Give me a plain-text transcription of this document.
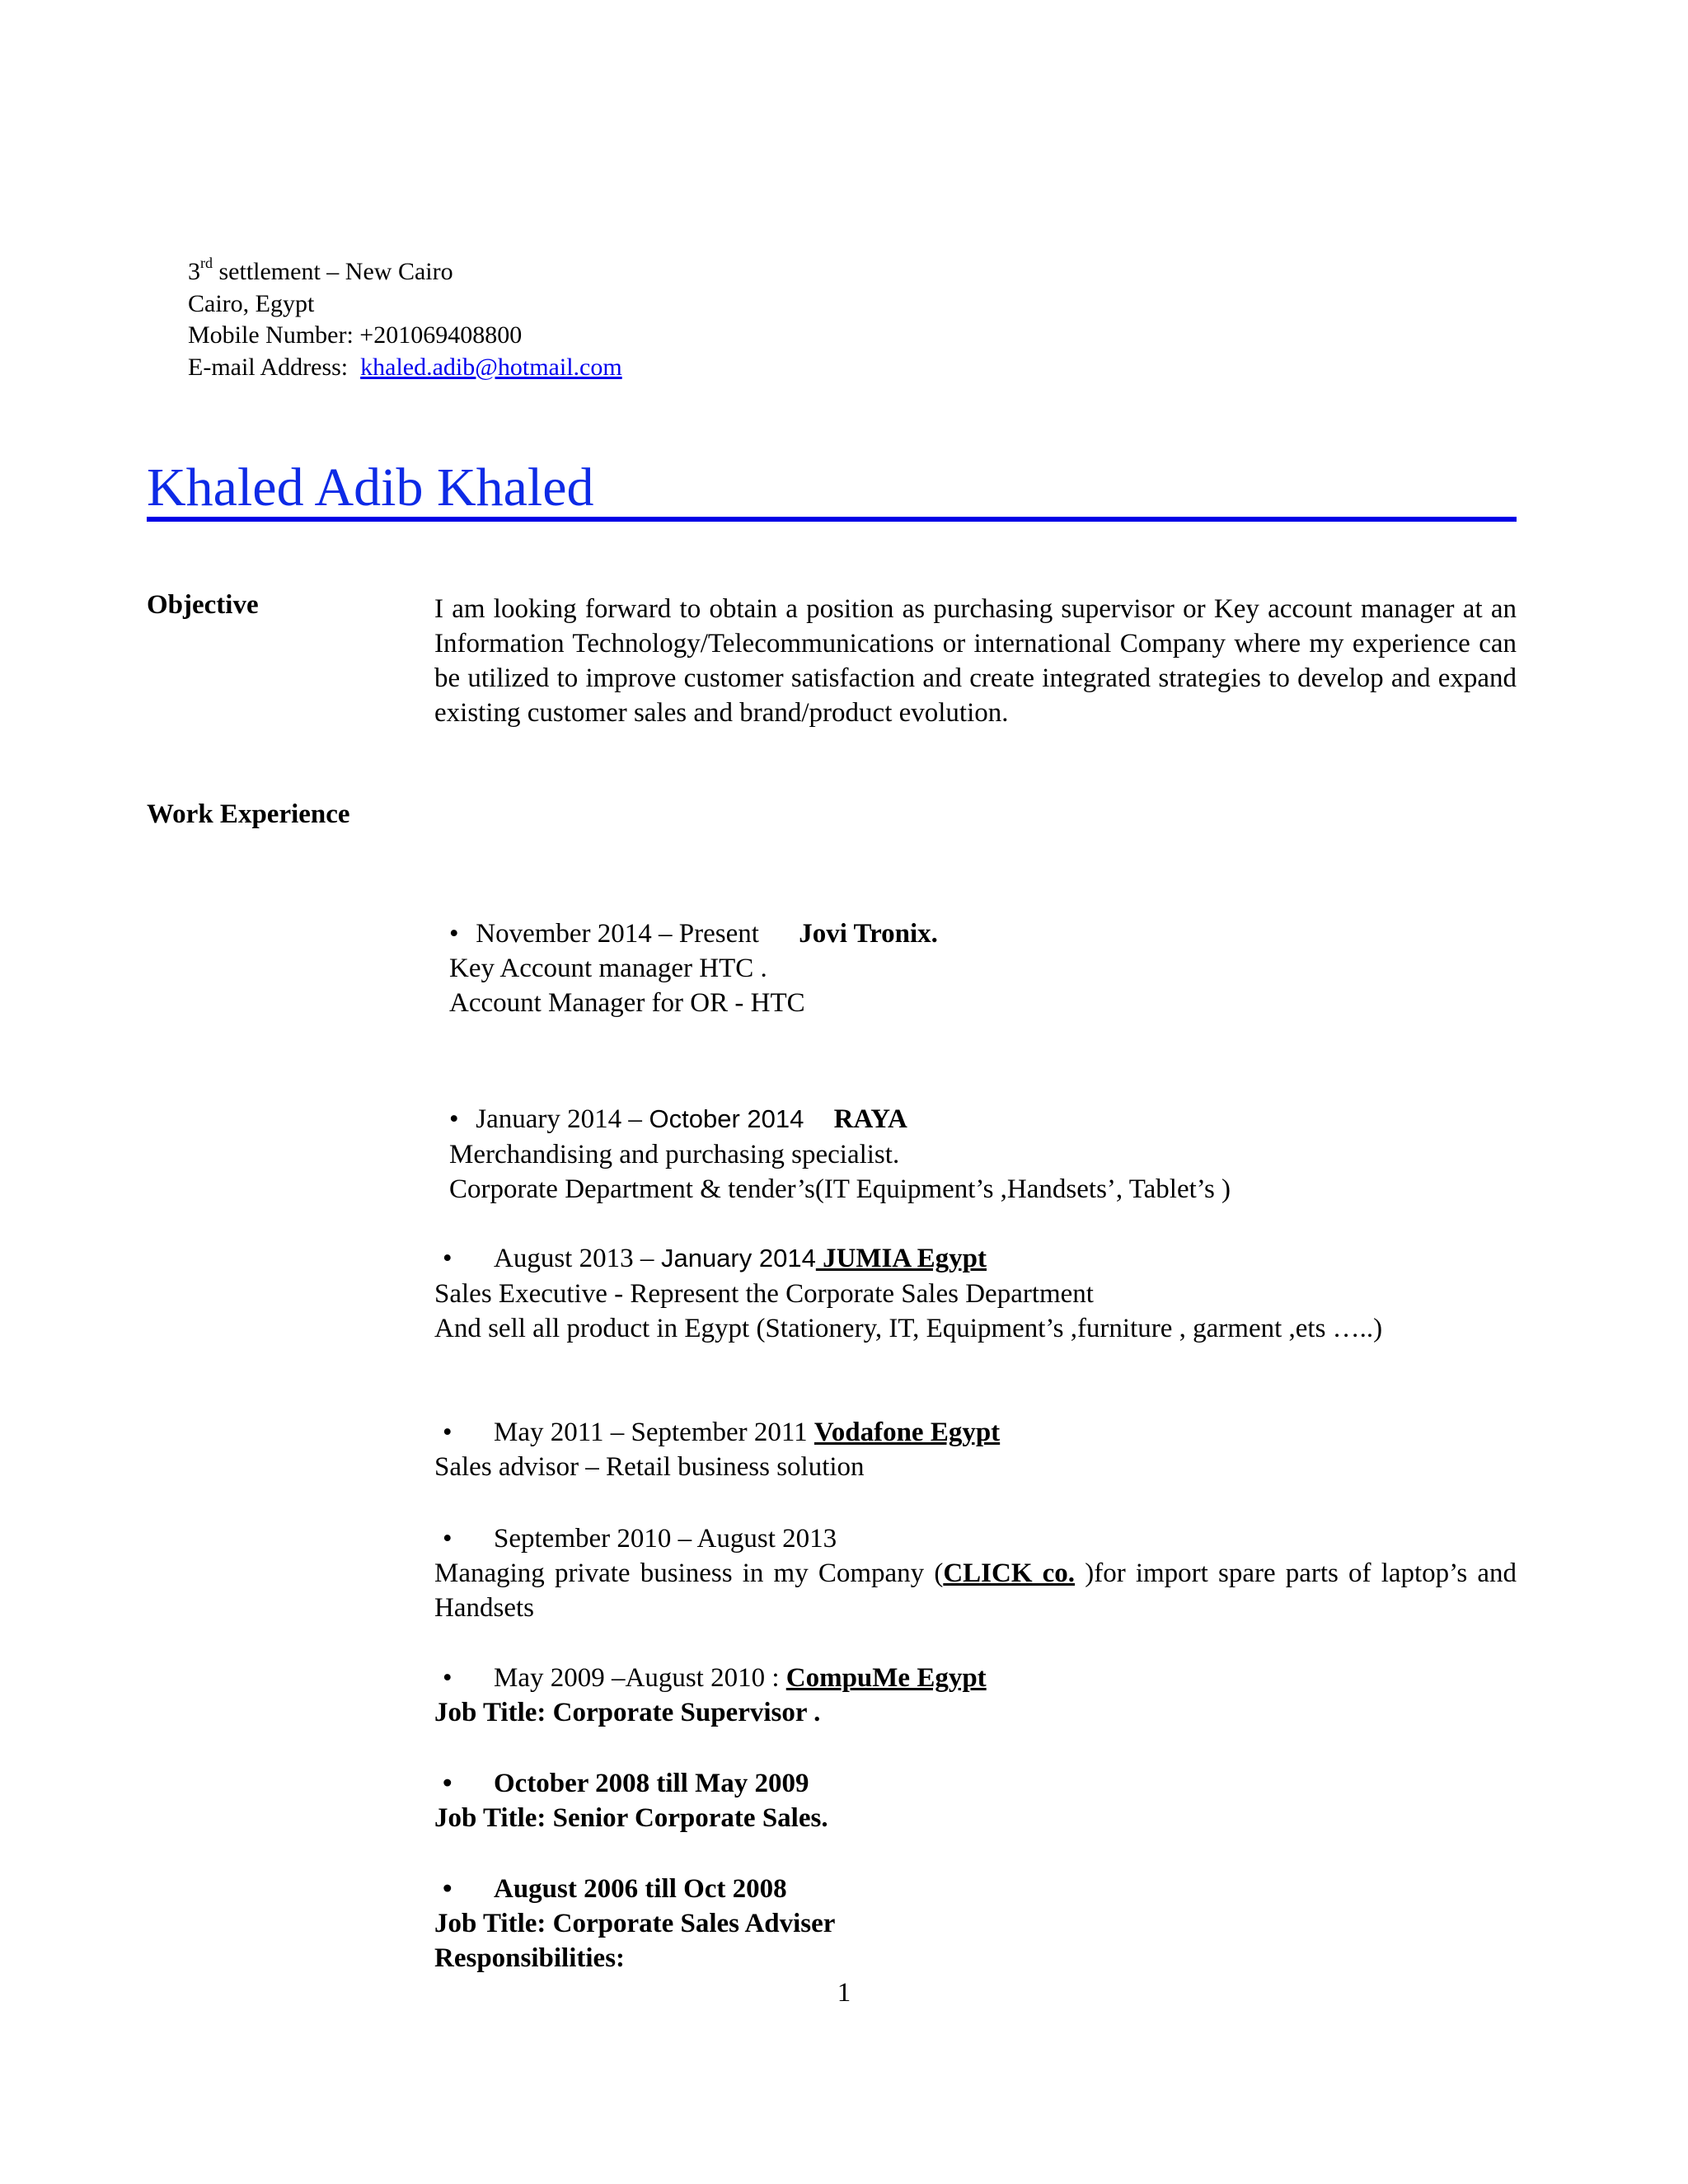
3rd settlement – New Cairo
Cairo, Egypt
Mobile Number: +201069408800
E-mail Address: khaled.adib@hotmail.com
Khaled Adib Khaled
Objective	I am looking forward to obtain a position as purchasing supervisor or Key account manager at an Information Technology/Telecommunications or international Company where my experience can be utilized to improve customer satisfaction and create integrated strategies to develop and expand existing customer sales and brand/product evolution.
Work Experience
• November 2014 – Present Jovi Tronix.
Key Account manager HTC .
Account Manager for OR - HTC
• January 2014 – October 2014 RAYA
Merchandising and purchasing specialist.
Corporate Department & tender’s(IT Equipment’s ,Handsets’, Tablet’s )
• August 2013 – January 2014 JUMIA Egypt
Sales Executive - Represent the Corporate Sales Department
And sell all product in Egypt (Stationery, IT, Equipment’s ,furniture , garment ,ets …..)
• May 2011 – September 2011 Vodafone Egypt
Sales advisor – Retail business solution
• September 2010 – August 2013
Managing private business in my Company (CLICK co. )for import spare parts of laptop’s and Handsets
• May 2009 –August 2010 : CompuMe Egypt
Job Title: Corporate Supervisor .
• October 2008 till May 2009
Job Title: Senior Corporate Sales.
• August 2006 till Oct 2008
Job Title: Corporate Sales Adviser
Responsibilities:
1
